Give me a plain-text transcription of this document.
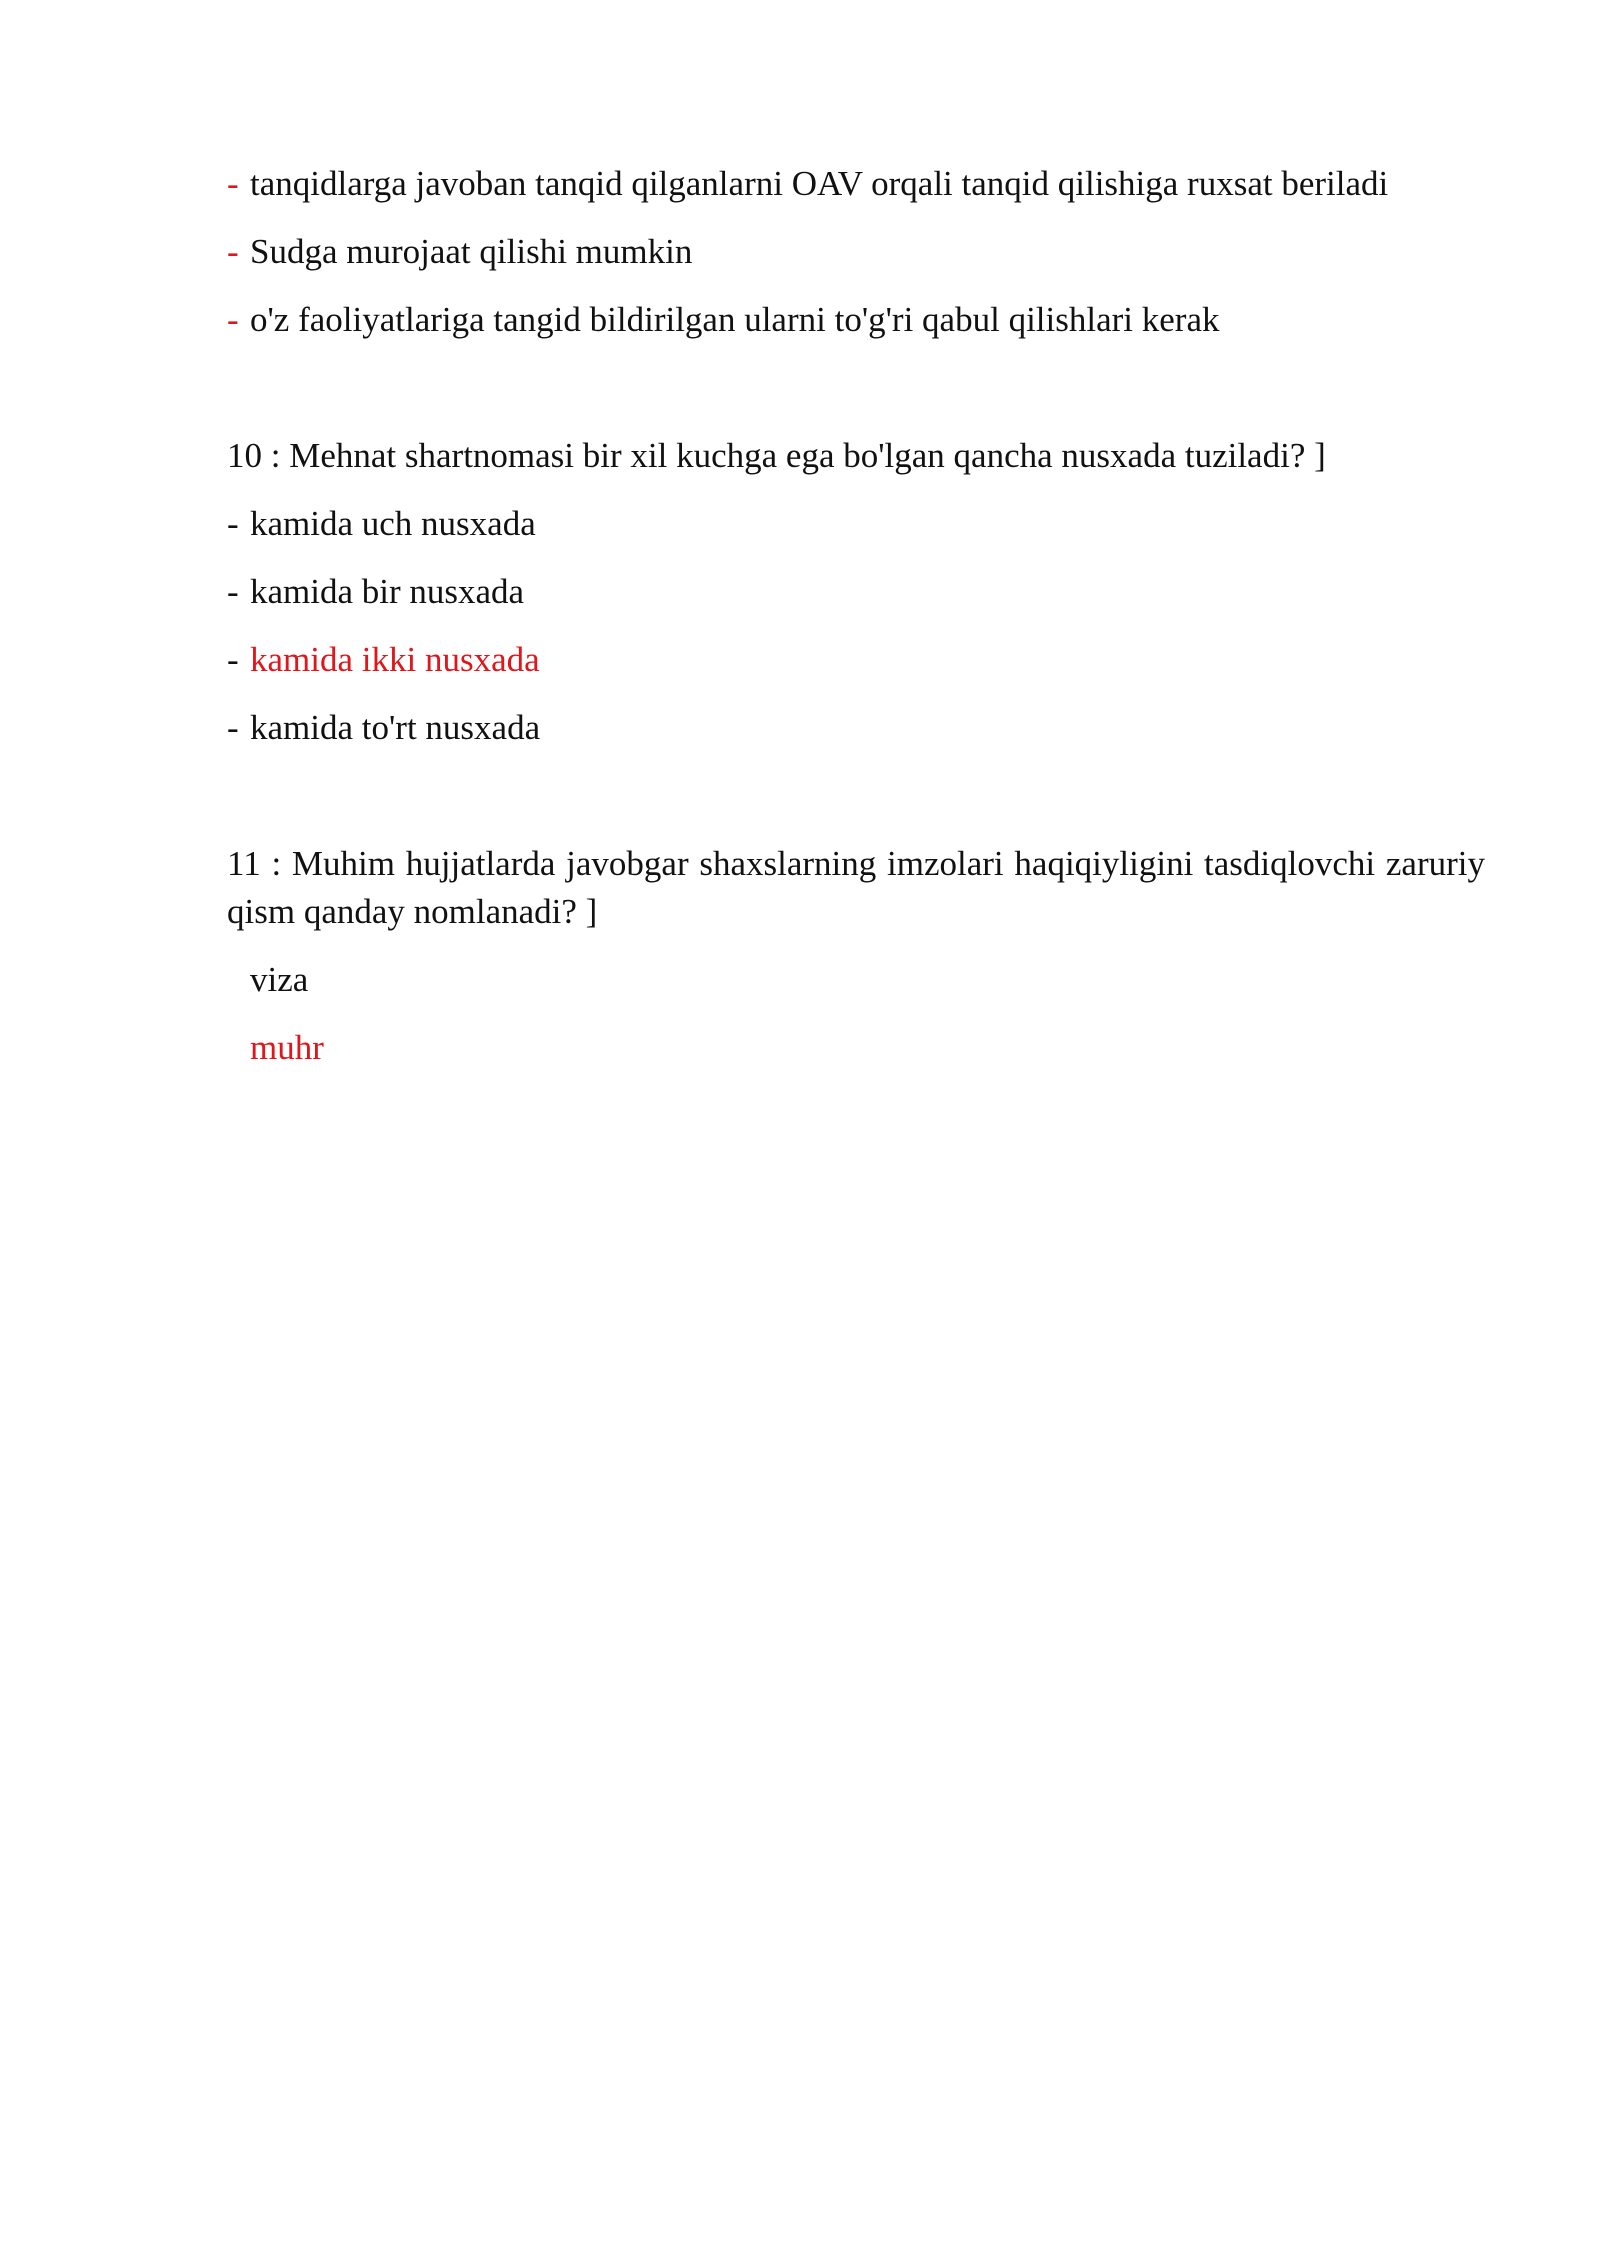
- tanqidlarga javoban tanqid qilganlarni OAV orqali tanqid qilishiga ruxsat beriladi
- Sudga murojaat qilishi mumkin
- o'z faoliyatlariga tangid bildirilgan ularni to'g'ri qabul qilishlari kerak
10 : Mehnat shartnomasi bir xil kuchga ega bo'lgan qancha nusxada tuziladi? ]
- kamida uch nusxada
- kamida bir nusxada
- kamida ikki nusxada
- kamida to'rt nusxada
11 : Muhim hujjatlarda javobgar shaxslarning imzolari haqiqiyligini tasdiqlovchi zaruriy qism qanday nomlanadi? ]
viza
muhr
